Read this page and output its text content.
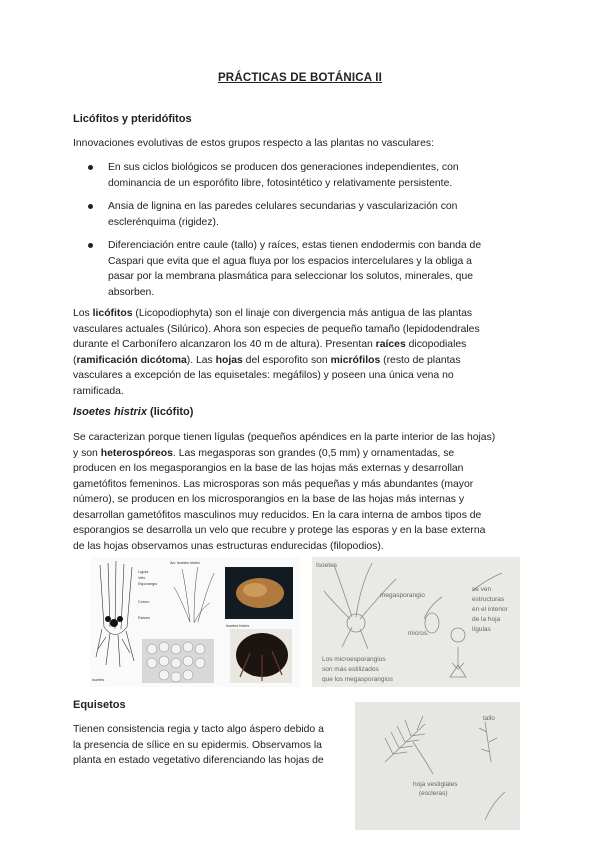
PRÁCTICAS DE BOTÁNICA II
Licófitos y pteridófitos
Innovaciones evolutivas de estos grupos respecto a las plantas no vasculares:
En sus ciclos biológicos se producen dos generaciones independientes, con
dominancia de un esporófito libre, fotosintético y relativamente persistente.
Ansia de lignina en las paredes celulares secundarias y vascularización con
esclerénquima (rigidez).
Diferenciación entre caule (tallo) y raíces, estas tienen endodermis con banda de
Caspari que evita que el agua fluya por los espacios intercelulares y la obliga a
pasar por la membrana plasmática para seleccionar los solutos, minerales, que
absorben.
Los licófitos (Licopodiophyta) son el linaje con divergencia más antigua de las plantas
vasculares actuales (Silúrico). Ahora son especies de pequeño tamaño (lepidodendrales
durante el Carbonífero alcanzaron los 40 m de altura). Presentan raíces dicopodiales
(ramificación dicótoma). Las hojas del esporofito son micrófilos (resto de plantas
vasculares a excepción de las equisetales: megáfilos) y poseen una única vena no
ramificada.
Isoetes histrix (licófito)
Se caracterizan porque tienen lígulas (pequeños apéndices en la parte interior de las hojas)
y son heterospóreos. Las megasporas son grandes (0,5 mm) y ornamentadas, se
producen en los megasporangios en la base de las hojas más externas y desarrollan
gametófitos femeninos. Las microsporas son más pequeñas y más abundantes (mayor
número), se producen en los microsporangios en la base de las hojas más internas y
desarrollan gametófitos masculinos muy reducidos. En la cara interna de ambos tipos de
esporangios se desarrolla un velo que recubre y protege las esporas y en la base externa
de las hojas observamos unas estructuras endurecidas (filopodios).
Lígula
Velo
Esporangio
Cormo
Raíces
Isoetes
Aa: Isoetes histrix
Isoetes histrix
Isoetes
megasporangio
micros.
se ven
estructuras
en el interior
de la hoja
lígulas
Los microesporangios
son más estilizados
que los megasporangios
Equisetos
Tienen consistencia regia y tacto algo áspero debido a
la presencia de sílice en su epidermis. Observamos la
planta en estado vegetativo diferenciando las hojas de
hoja vestigiales
(escleras)
tallo
